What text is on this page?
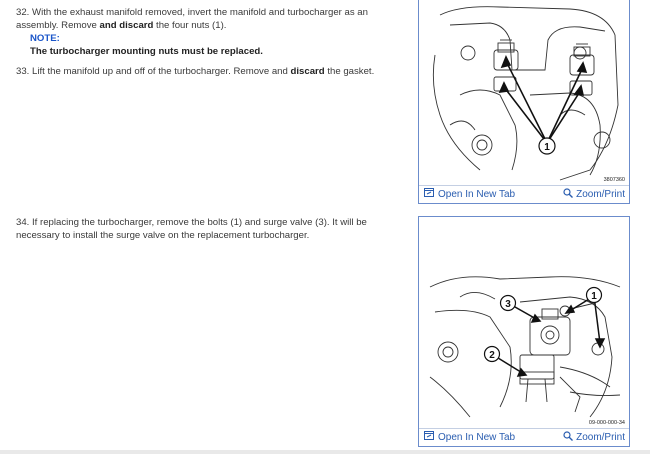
32. With the exhaust manifold removed, invert the manifold and turbocharger as an assembly. Remove and discard the four nuts (1).
NOTE:
The turbocharger mounting nuts must be replaced.
33. Lift the manifold up and off of the turbocharger. Remove and discard the gasket.
34. If replacing the turbocharger, remove the bolts (1) and surge valve (3). It will be necessary to install the surge valve on the replacement turbocharger.
1
3807360
Open In New Tab	Zoom/Print
1
2
3
09-000-000-34
Open In New Tab	Zoom/Print
